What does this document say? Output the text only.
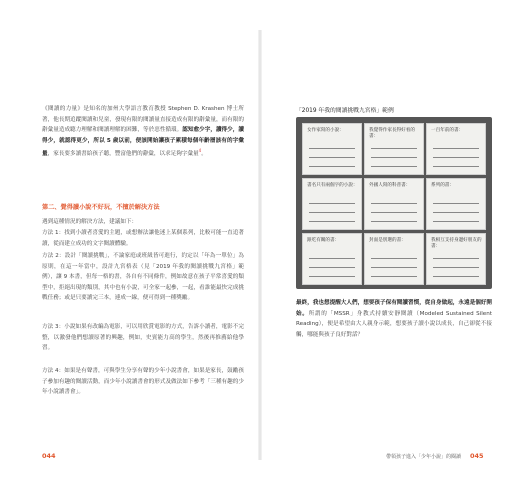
《閱讀的力量》是知名的加州大學語言教育教授 Stephen D. Krashen 博士所著，他長期追蹤閱讀和兒童，發現有限的閱讀量直接造成有限的辭彙量，而有限的辭彙量造成聽力理解和閱讀理解的困難，等於惡性循環。認知愈少字，讀得少，讀得少，就認得更少，所以 5 歲以前，便該開始讓孩子累積每個年齡層該有的字彙量，家長要多讀書給孩子聽，豐富他們的辭彙，以求足夠字彙量$^4$。

第二、覺得讀小說不好玩，不擅於解決方法

遇到這種情況的解決方法，建議如下：

方法 1：找到小讀者喜愛的主題，或想辦法讓他迷上某個系列，比較可能一直追著讀，從而建立成功的文字閱讀體驗。

方法 2：設計「閱讀挑戰」，不論家庭或班級皆可進行，約定以「年為一單位」為原則，在這一年當中，設計九宮格表（見「2019 年我的閱讀挑戰九宮格」範例），讓 9 本書，但每一格的書，各自有不同條件，例如故意在孩子平常喜愛的類型中，拒絕出現的類別，其中也有小說，可全家一起參，一起，看誰能最快完成挑戰任務；或是只要讀完三本，連成一線，便可得到一種獎勵。

方法 3：小說如果有改編為電影，可以用欣賞電影的方式，告訴小讀者，電影不完整，以激發他們想讀原著的興趣，例如，史賓能力高的學生，然後再推薦給他學習。

方法 4：如果是有聲書，可與學生分享有聲的少年小說書會，如果是家長，鼓勵孩子參加有趣的閱讀活動，而少年小說讀書會的形式及做法如下參考「三種有趣的少年小說讀書會」。

044

「2019 年我的閱讀挑戰九宮格」範例

女作家寫的小說：	我覺得作家長得好看的書：
一百年前的書：
書名只有兩個字的小說：	外國人寫的科普書：	系列的書：
跟吃有關的書：	封面是別選的書：	我相互支持身邊好朋友的書：

最終，我也想提醒大人們，想要孩子保有閱讀習慣，從自身做起，永遠是個好開始。所謂的「MSSR」身教式持續安靜閱讀（Modeled Sustained Silent Reading），便是希望由大人親身示範，想要孩子讀小說以成長，自己卻從不接觸，哪能與孩子良好對話？

帶領孩子進入「少年小說」的閱讀 045
